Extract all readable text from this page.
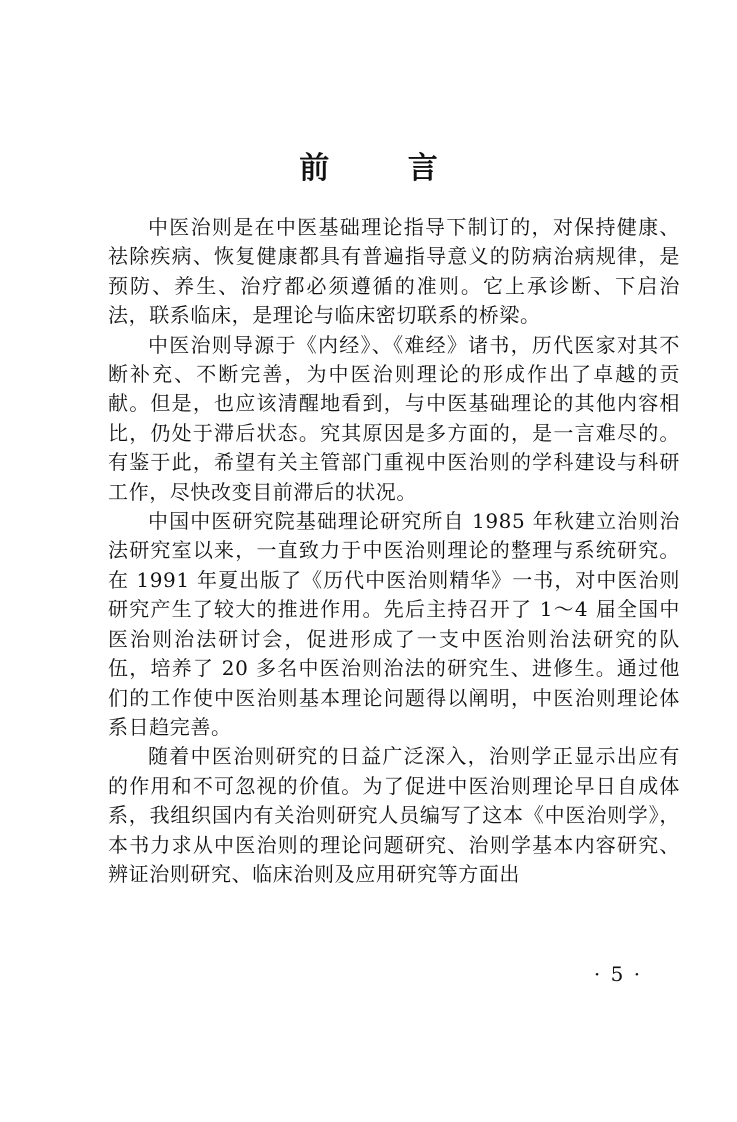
前 言

中医治则是在中医基础理论指导下制订的，对保持健康、祛除疾病、恢复健康都具有普遍指导意义的防病治病规律，是预防、养生、治疗都必须遵循的准则。它上承诊断、下启治法，联系临床，是理论与临床密切联系的桥梁。

中医治则导源于《内经》、《难经》诸书，历代医家对其不断补充、不断完善，为中医治则理论的形成作出了卓越的贡献。但是，也应该清醒地看到，与中医基础理论的其他内容相比，仍处于滞后状态。究其原因是多方面的，是一言难尽的。有鉴于此，希望有关主管部门重视中医治则的学科建设与科研工作，尽快改变目前滞后的状况。

中国中医研究院基础理论研究所自 1985 年秋建立治则治法研究室以来，一直致力于中医治则理论的整理与系统研究。在 1991 年夏出版了《历代中医治则精华》一书，对中医治则研究产生了较大的推进作用。先后主持召开了 1～4 届全国中医治则治法研讨会，促进形成了一支中医治则治法研究的队伍，培养了 20 多名中医治则治法的研究生、进修生。通过他们的工作使中医治则基本理论问题得以阐明，中医治则理论体系日趋完善。

随着中医治则研究的日益广泛深入，治则学正显示出应有的作用和不可忽视的价值。为了促进中医治则理论早日自成体系，我组织国内有关治则研究人员编写了这本《中医治则学》，本书力求从中医治则的理论问题研究、治则学基本内容研究、辨证治则研究、临床治则及应用研究等方面出

· 5 ·
